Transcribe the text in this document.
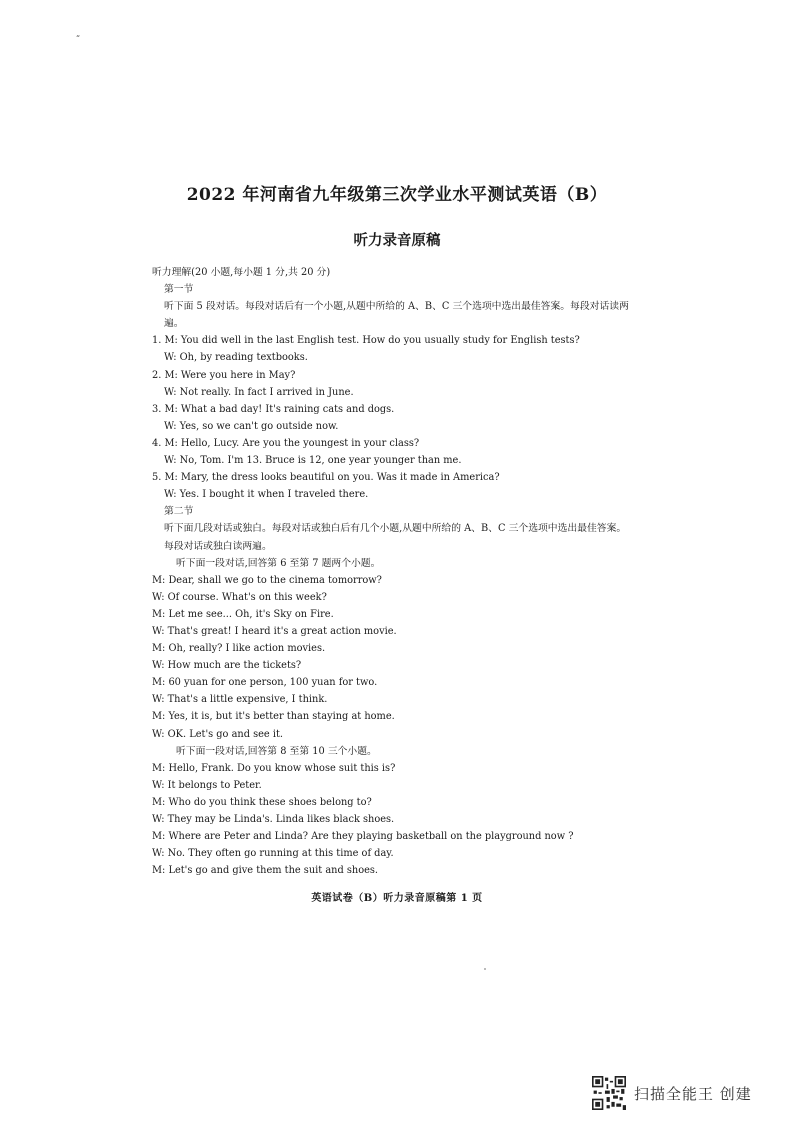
“
2022 年河南省九年级第三次学业水平测试英语（B）
听力录音原稿
听力理解(20 小题,每小题 1 分,共 20 分)
第一节
听下面 5 段对话。每段对话后有一个小题,从题中所给的 A、B、C 三个选项中选出最佳答案。每段对话读两遍。
1. M: You did well in the last English test. How do you usually study for English tests?
W: Oh, by reading textbooks.
2. M: Were you here in May?
W: Not really. In fact I arrived in June.
3. M: What a bad day! It's raining cats and dogs.
W: Yes, so we can't go outside now.
4. M: Hello, Lucy. Are you the youngest in your class?
W: No, Tom. I'm 13. Bruce is 12, one year younger than me.
5. M: Mary, the dress looks beautiful on you. Was it made in America?
W: Yes. I bought it when I traveled there.
第二节
听下面几段对话或独白。每段对话或独白后有几个小题,从题中所给的 A、B、C 三个选项中选出最佳答案。每段对话或独白读两遍。
听下面一段对话,回答第 6 至第 7 题两个小题。
M: Dear, shall we go to the cinema tomorrow?
W: Of course. What's on this week?
M: Let me see... Oh, it's Sky on Fire.
W: That's great! I heard it's a great action movie.
M: Oh, really? I like action movies.
W: How much are the tickets?
M: 60 yuan for one person, 100 yuan for two.
W: That's a little expensive, I think.
M: Yes, it is, but it's better than staying at home.
W: OK. Let's go and see it.
听下面一段对话,回答第 8 至第 10 三个小题。
M: Hello, Frank. Do you know whose suit this is?
W: It belongs to Peter.
M: Who do you think these shoes belong to?
W: They may be Linda's. Linda likes black shoes.
M: Where are Peter and Linda? Are they playing basketball on the playground now ?
W: No. They often go running at this time of day.
M: Let's go and give them the suit and shoes.
英语试卷（B）听力录音原稿第 1 页
扫描全能王 创建
